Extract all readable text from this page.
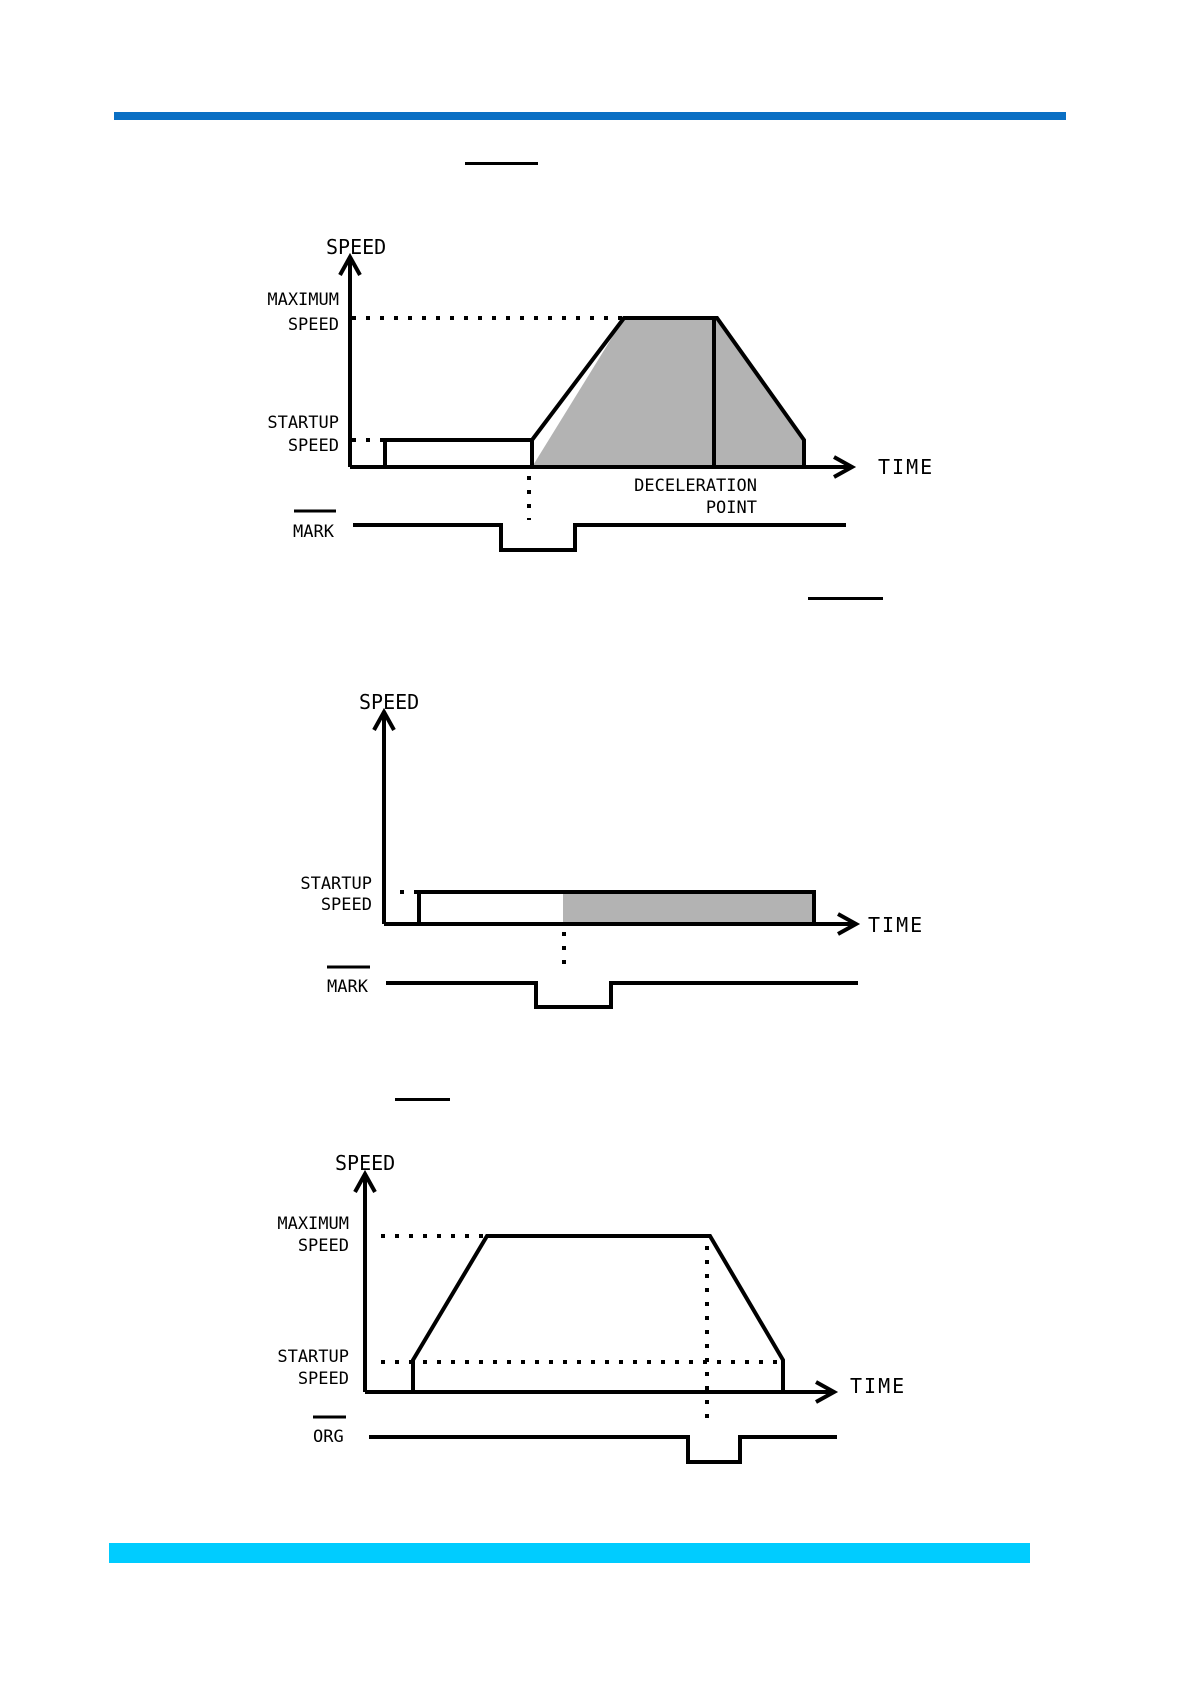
SPEED
TIME
MAXIMUM
SPEED
STARTUP
SPEED
DECELERATION
POINT
MARK
SPEED
TIME
STARTUP
SPEED
MARK
SPEED
TIME
MAXIMUM
SPEED
STARTUP
SPEED
ORG
